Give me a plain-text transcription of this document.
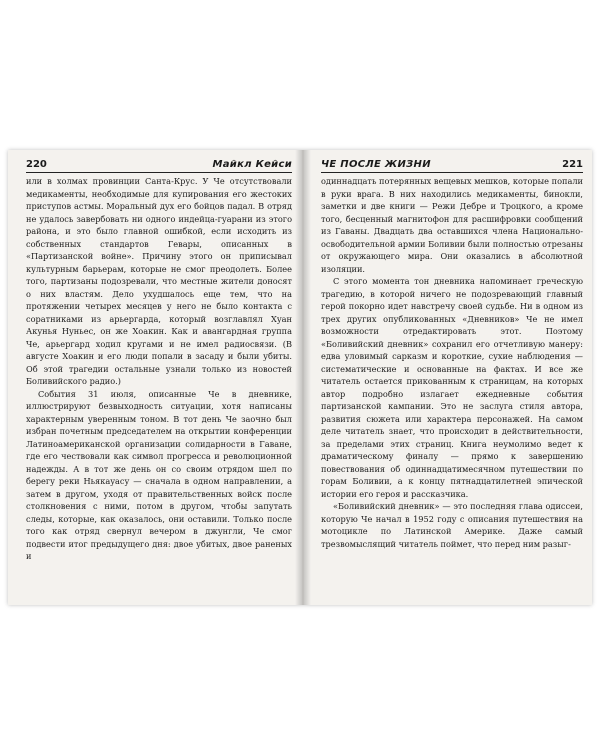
220	Майкл Кейси

или в холмах провинции Санта-Крус. У Че отсутствовали медикаменты, необходимые для купирования его жестоких приступов астмы. Моральный дух его бойцов падал. В отряд не удалось завербовать ни одного индейца-гуарани из этого района, и это было главной ошибкой, если исходить из собственных стандартов Гевары, описанных в «Партизанской войне». Причину этого он приписывал культурным барьерам, которые не смог преодолеть. Более того, партизаны подозревали, что местные жители доносят о них властям. Дело ухудшалось еще тем, что на протяжении четырех месяцев у него не было контакта с соратниками из арьергарда, который возглавлял Хуан Акунья Нуньес, он же Хоакин. Как и авангардная группа Че, арьергард ходил кругами и не имел радиосвязи. (В августе Хоакин и его люди попали в засаду и были убиты. Об этой трагедии остальные узнали только из новостей Боливийского радио.)

События 31 июля, описанные Че в дневнике, иллюстрируют безвыходность ситуации, хотя написаны характерным уверенным тоном. В тот день Че заочно был избран почетным председателем на открытии конференции Латиноамериканской организации солидарности в Гаване, где его чествовали как символ прогресса и революционной надежды. А в тот же день он со своим отрядом шел по берегу реки Ньякауасу — сначала в одном направлении, а затем в другом, уходя от правительственных войск после столкновения с ними, потом в другом, чтобы запутать следы, которые, как оказалось, они оставили. Только после того как отряд свернул вечером в джунгли, Че смог подвести итог предыдущего дня: двое убитых, двое раненых и

ЧЕ ПОСЛЕ ЖИЗНИ	221

одиннадцать потерянных вещевых мешков, которые попали в руки врага. В них находились медикаменты, бинокли, заметки и две книги — Режи Дебре и Троцкого, а кроме того, бесценный магнитофон для расшифровки сообщений из Гаваны. Двадцать два оставшихся члена Национально-освободительной армии Боливии были полностью отрезаны от окружающего мира. Они оказались в абсолютной изоляции.

С этого момента тон дневника напоминает греческую трагедию, в которой ничего не подозревающий главный герой покорно идет навстречу своей судьбе. Ни в одном из трех других опубликованных «Дневников» Че не имел возможности отредактировать этот. Поэтому «Боливийский дневник» сохранил его отчетливую манеру: едва уловимый сарказм и короткие, сухие наблюдения — систематические и основанные на фактах. И все же читатель остается прикованным к страницам, на которых автор подробно излагает ежедневные события партизанской кампании. Это не заслуга стиля автора, развития сюжета или характера персонажей. На самом деле читатель знает, что происходит в действительности, за пределами этих страниц. Книга неумолимо ведет к драматическому финалу — прямо к завершению повествования об одиннадцатимесячном путешествии по горам Боливии, а к концу пятнадцатилетней эпической истории его героя и рассказчика.

«Боливийский дневник» — это последняя глава одиссеи, которую Че начал в 1952 году с описания путешествия на мотоцикле по Латинской Америке. Даже самый трезвомыслящий читатель поймет, что перед ним разыг-
